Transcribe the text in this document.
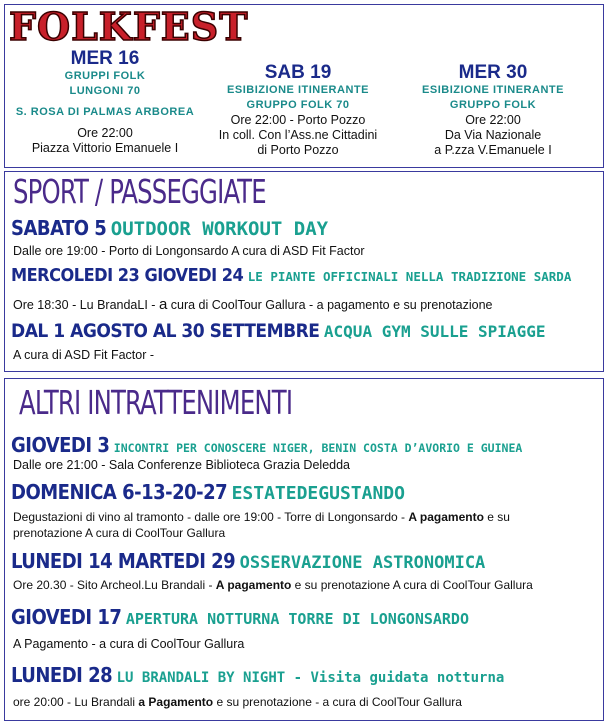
FOLKFEST
MER 16
GRUPPI FOLK
LUNGONI 70
S. ROSA DI PALMAS ARBOREA
Ore 22:00
Piazza Vittorio Emanuele I
SAB 19
ESIBIZIONE ITINERANTE
GRUPPO FOLK 70
Ore 22:00 - Porto Pozzo
In coll. Con l’Ass.ne Cittadini
di Porto Pozzo
MER 30
ESIBIZIONE ITINERANTE
GRUPPO FOLK
Ore 22:00
Da Via Nazionale
a P.zza V.Emanuele I
SPORT / PASSEGGIATE
SABATO 5 OUTDOOR WORKOUT DAY
Dalle ore 19:00 - Porto di Longonsardo A cura di ASD Fit Factor
MERCOLEDI 23 GIOVEDI 24 LE PIANTE OFFICINALI NELLA TRADIZIONE SARDA
Ore 18:30 - Lu BrandaLI - a cura di CoolTour Gallura - a pagamento e su prenotazione
DAL 1 AGOSTO AL 30 SETTEMBRE ACQUA GYM SULLE SPIAGGE
A cura di ASD Fit Factor -
ALTRI INTRATTENIMENTI
GIOVEDI 3 INCONTRI PER CONOSCERE NIGER, BENIN COSTA D’AVORIO E GUINEA
Dalle ore 21:00 - Sala Conferenze Biblioteca Grazia Deledda
DOMENICA 6-13-20-27 ESTATEDEGUSTANDO
Degustazioni di vino al tramonto - dalle ore 19:00 - Torre di Longonsardo - A pagamento e su
prenotazione A cura di CoolTour Gallura
LUNEDI 14 MARTEDI 29 OSSERVAZIONE ASTRONOMICA
Ore 20.30 - Sito Archeol.Lu Brandali - A pagamento e su prenotazione A cura di CoolTour Gallura
GIOVEDI 17 APERTURA NOTTURNA TORRE DI LONGONSARDO
A Pagamento - a cura di CoolTour Gallura
LUNEDI 28 LU BRANDALI BY NIGHT - Visita guidata notturna
ore 20:00 - Lu Brandali a Pagamento e su prenotazione - a cura di CoolTour Gallura
